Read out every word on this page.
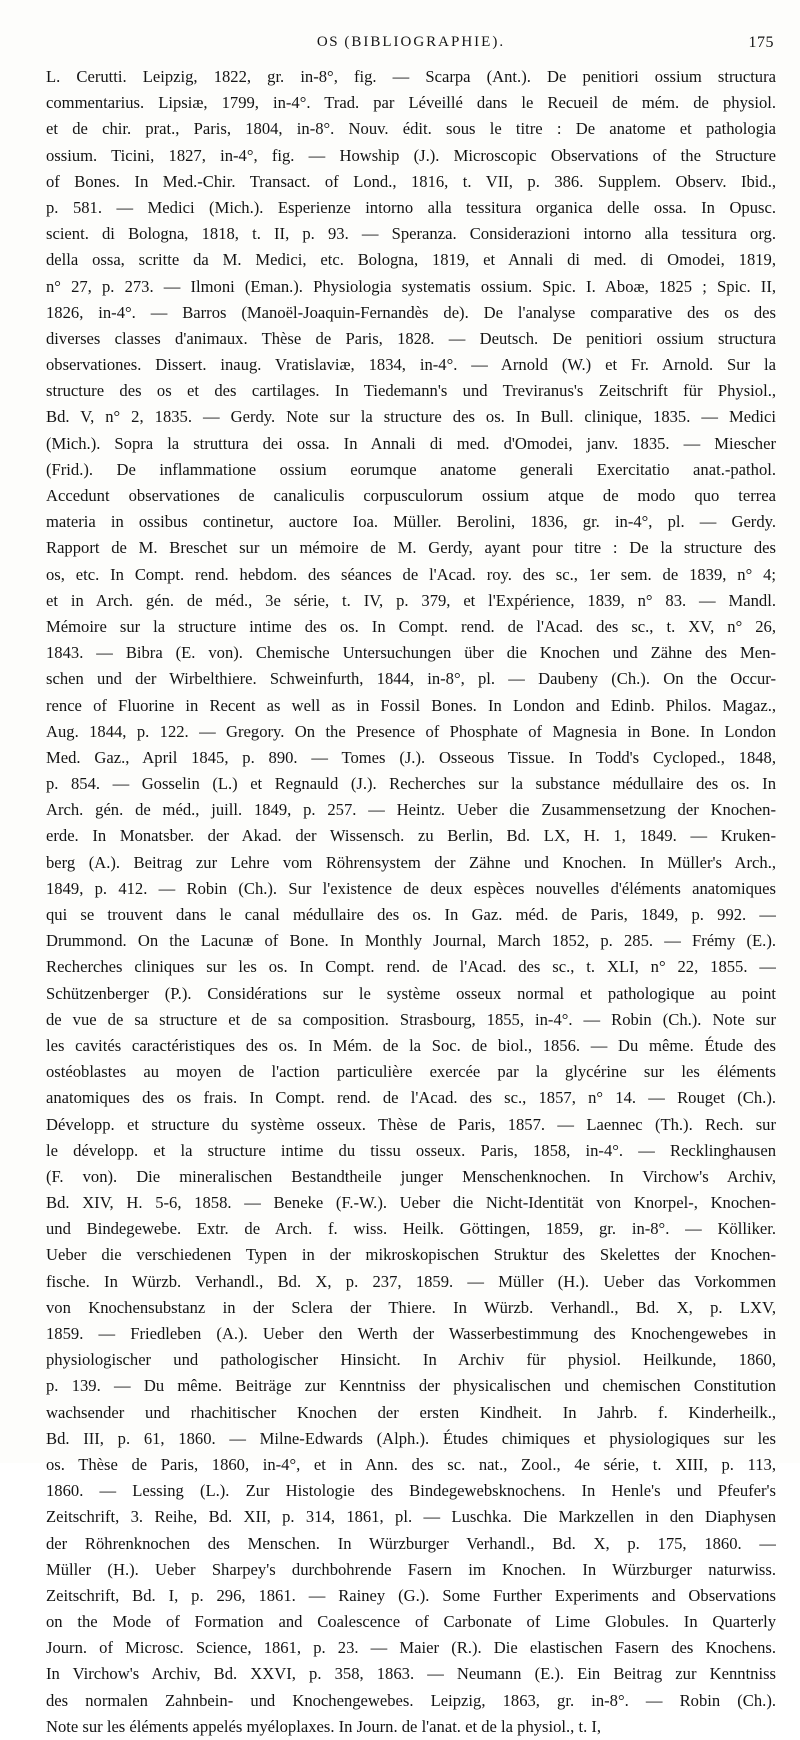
OS (BIBLIOGRAPHIE).	175
L. Cerutti. Leipzig, 1822, gr. in-8°, fig. — Scarpa (Ant.). De penitiori ossium structura
commentarius. Lipsiæ, 1799, in-4°. Trad. par Léveillé dans le Recueil de mém. de physiol.
et de chir. prat., Paris, 1804, in-8°. Nouv. édit. sous le titre : De anatome et pathologia
ossium. Ticini, 1827, in-4°, fig. — Howship (J.). Microscopic Observations of the Structure
of Bones. In Med.-Chir. Transact. of Lond., 1816, t. VII, p. 386. Supplem. Observ. Ibid.,
p. 581. — Medici (Mich.). Esperienze intorno alla tessitura organica delle ossa. In Opusc.
scient. di Bologna, 1818, t. II, p. 93. — Speranza. Considerazioni intorno alla tessitura org.
della ossa, scritte da M. Medici, etc. Bologna, 1819, et Annali di med. di Omodei, 1819,
n° 27, p. 273. — Ilmoni (Eman.). Physiologia systematis ossium. Spic. I. Aboæ, 1825 ; Spic. II,
1826, in-4°. — Barros (Manoël-Joaquin-Fernandès de). De l'analyse comparative des os des
diverses classes d'animaux. Thèse de Paris, 1828. — Deutsch. De penitiori ossium structura
observationes. Dissert. inaug. Vratislaviæ, 1834, in-4°. — Arnold (W.) et Fr. Arnold. Sur la
structure des os et des cartilages. In Tiedemann's und Treviranus's Zeitschrift für Physiol.,
Bd. V, n° 2, 1835. — Gerdy. Note sur la structure des os. In Bull. clinique, 1835. — Medici
(Mich.). Sopra la struttura dei ossa. In Annali di med. d'Omodei, janv. 1835. — Miescher
(Frid.). De inflammatione ossium eorumque anatome generali Exercitatio anat.-pathol.
Accedunt observationes de canaliculis corpusculorum ossium atque de modo quo terrea
materia in ossibus continetur, auctore Ioa. Müller. Berolini, 1836, gr. in-4°, pl. — Gerdy.
Rapport de M. Breschet sur un mémoire de M. Gerdy, ayant pour titre : De la structure des
os, etc. In Compt. rend. hebdom. des séances de l'Acad. roy. des sc., 1er sem. de 1839, n° 4;
et in Arch. gén. de méd., 3e série, t. IV, p. 379, et l'Expérience, 1839, n° 83. — Mandl.
Mémoire sur la structure intime des os. In Compt. rend. de l'Acad. des sc., t. XV, n° 26,
1843. — Bibra (E. von). Chemische Untersuchungen über die Knochen und Zähne des Men-
schen und der Wirbelthiere. Schweinfurth, 1844, in-8°, pl. — Daubeny (Ch.). On the Occur-
rence of Fluorine in Recent as well as in Fossil Bones. In London and Edinb. Philos. Magaz.,
Aug. 1844, p. 122. — Gregory. On the Presence of Phosphate of Magnesia in Bone. In London
Med. Gaz., April 1845, p. 890. — Tomes (J.). Osseous Tissue. In Todd's Cycloped., 1848,
p. 854. — Gosselin (L.) et Regnauld (J.). Recherches sur la substance médullaire des os. In
Arch. gén. de méd., juill. 1849, p. 257. — Heintz. Ueber die Zusammensetzung der Knochen-
erde. In Monatsber. der Akad. der Wissensch. zu Berlin, Bd. LX, H. 1, 1849. — Kruken-
berg (A.). Beitrag zur Lehre vom Röhrensystem der Zähne und Knochen. In Müller's Arch.,
1849, p. 412. — Robin (Ch.). Sur l'existence de deux espèces nouvelles d'éléments anatomiques
qui se trouvent dans le canal médullaire des os. In Gaz. méd. de Paris, 1849, p. 992. —
Drummond. On the Lacunæ of Bone. In Monthly Journal, March 1852, p. 285. — Frémy (E.).
Recherches cliniques sur les os. In Compt. rend. de l'Acad. des sc., t. XLI, n° 22, 1855. —
Schützenberger (P.). Considérations sur le système osseux normal et pathologique au point
de vue de sa structure et de sa composition. Strasbourg, 1855, in-4°. — Robin (Ch.). Note sur
les cavités caractéristiques des os. In Mém. de la Soc. de biol., 1856. — Du même. Étude des
ostéoblastes au moyen de l'action particulière exercée par la glycérine sur les éléments
anatomiques des os frais. In Compt. rend. de l'Acad. des sc., 1857, n° 14. — Rouget (Ch.).
Développ. et structure du système osseux. Thèse de Paris, 1857. — Laennec (Th.). Rech. sur
le développ. et la structure intime du tissu osseux. Paris, 1858, in-4°. — Recklinghausen
(F. von). Die mineralischen Bestandtheile junger Menschenknochen. In Virchow's Archiv,
Bd. XIV, H. 5-6, 1858. — Beneke (F.-W.). Ueber die Nicht-Identität von Knorpel-, Knochen-
und Bindegewebe. Extr. de Arch. f. wiss. Heilk. Göttingen, 1859, gr. in-8°. — Kölliker.
Ueber die verschiedenen Typen in der mikroskopischen Struktur des Skelettes der Knochen-
fische. In Würzb. Verhandl., Bd. X, p. 237, 1859. — Müller (H.). Ueber das Vorkommen
von Knochensubstanz in der Sclera der Thiere. In Würzb. Verhandl., Bd. X, p. LXV,
1859. — Friedleben (A.). Ueber den Werth der Wasserbestimmung des Knochengewebes in
physiologischer und pathologischer Hinsicht. In Archiv für physiol. Heilkunde, 1860,
p. 139. — Du même. Beiträge zur Kenntniss der physicalischen und chemischen Constitution
wachsender und rhachitischer Knochen der ersten Kindheit. In Jahrb. f. Kinderheilk.,
Bd. III, p. 61, 1860. — Milne-Edwards (Alph.). Études chimiques et physiologiques sur les
os. Thèse de Paris, 1860, in-4°, et in Ann. des sc. nat., Zool., 4e série, t. XIII, p. 113,
1860. — Lessing (L.). Zur Histologie des Bindegewebsknochens. In Henle's und Pfeufer's
Zeitschrift, 3. Reihe, Bd. XII, p. 314, 1861, pl. — Luschka. Die Markzellen in den Diaphysen
der Röhrenknochen des Menschen. In Würzburger Verhandl., Bd. X, p. 175, 1860. —
Müller (H.). Ueber Sharpey's durchbohrende Fasern im Knochen. In Würzburger naturwiss.
Zeitschrift, Bd. I, p. 296, 1861. — Rainey (G.). Some Further Experiments and Observations
on the Mode of Formation and Coalescence of Carbonate of Lime Globules. In Quarterly
Journ. of Microsc. Science, 1861, p. 23. — Maier (R.). Die elastischen Fasern des Knochens.
In Virchow's Archiv, Bd. XXVI, p. 358, 1863. — Neumann (E.). Ein Beitrag zur Kenntniss
des normalen Zahnbein- und Knochengewebes. Leipzig, 1863, gr. in-8°. — Robin (Ch.).
Note sur les éléments appelés myéloplaxes. In Journ. de l'anat. et de la physiol., t. I,
